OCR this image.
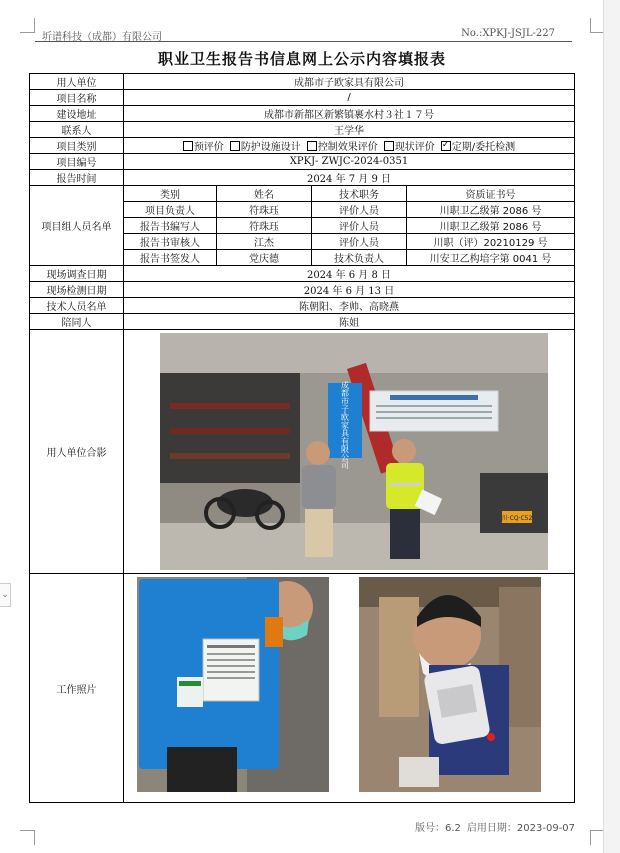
圻谱科技（成都）有限公司	No.:XPKJ-JSJL-227
职业卫生报告书信息网上公示内容填报表
用人单位	成都市子欧家具有限公司			
项目名称	/			
建设地址	成都市新都区新繁镇裹水村３社１７号			
联系人	王学华			
项目类别	预评价 防护设施设计 控制效果评价 现状评价 ✓ 定期/委托检测
项目编号	XPKJ- ZWJC-2024-0351			
报告时间	2024 年 7 月 9 日			
项目组人员名单	类别	姓名	技术职务	资质证书号
	项目负责人	符珠珏	评价人员	川职卫乙级第 2086 号
	报告书编写人	符珠珏	评价人员	川职卫乙级第 2086 号
	报告书审核人	江杰	评价人员	川职（评）20210129 号
	报告书签发人	党庆德	技术负责人	川安卫乙构培字第 0041 号
现场调查日期	2024 年 6 月 8 日			
现场检测日期	2024 年 6 月 13 日			
技术人员名单	陈朝阳、李帅、高晓燕			
陪同人	陈姐			
用人单位合影	成都市子欧家具有限公司
川·CQ·C52			

工作照片	
版号：6.2 启用日期：2023-09-07
⌄
